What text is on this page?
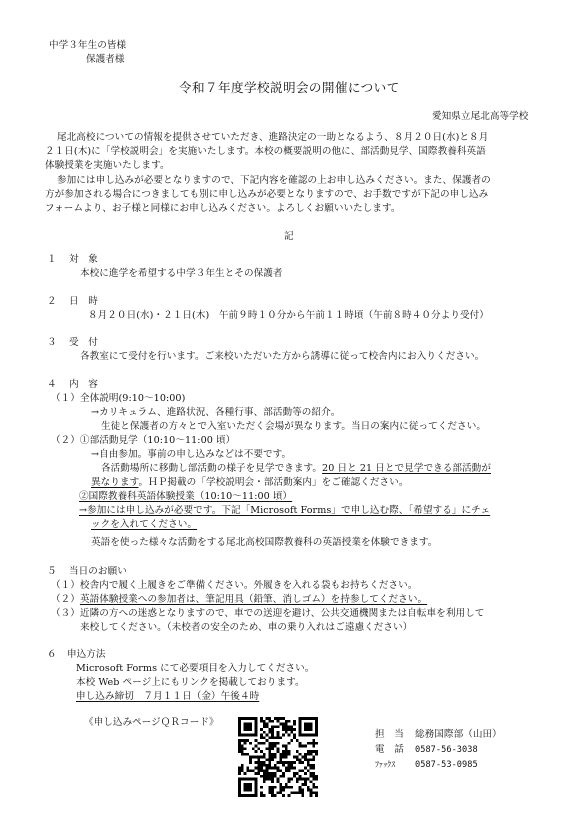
中学３年生の皆様
保護者様
令和７年度学校説明会の開催について
愛知県立尾北高等学校
尾北高校についての情報を提供させていただき、進路決定の一助となるよう、８月２０日(水)と８月
２１日(木)に「学校説明会」を実施いたします。本校の概要説明の他に、部活動見学、国際教養科英語
体験授業を実施いたします。
参加には申し込みが必要となりますので、下記内容を確認の上お申し込みください。また、保護者の
方が参加される場合につきましても別に申し込みが必要となりますので、お手数ですが下記の申し込み
フォームより、お子様と同様にお申し込みください。よろしくお願いいたします。
記
１ 対　象
本校に進学を希望する中学３年生とその保護者
２ 日　時
８月２０日(水)・２１日(木)　午前９時１０分から午前１１時頃（午前８時４０分より受付）
３ 受　付
各教室にて受付を行います。ご来校いただいた方から誘導に従って校舎内にお入りください。
４ 内　容
（１）全体説明(9:10～10:00)
→カリキュラム、進路状況、各種行事、部活動等の紹介。
生徒と保護者の方々とで入室いただく会場が異なります。当日の案内に従ってください。
（２）①部活動見学（10:10～11:00 頃）
→自由参加。事前の申し込みなどは不要です。
各活動場所に移動し部活動の様子を見学できます。20 日と 21 日とで見学できる部活動が
異なります。ＨＰ掲載の「学校説明会・部活動案内」をご確認ください。
②国際教養科英語体験授業（10:10～11:00 頃）
→参加には申し込みが必要です。下記「Microsoft Forms」で申し込む際、「希望する」にチェ
ックを入れてください。
英語を使った様々な活動をする尾北高校国際教養科の英語授業を体験できます。
５ 当日のお願い
（１）校舎内で履く上履きをご準備ください。外履きを入れる袋もお持ちください。
（２）英語体験授業への参加者は、筆記用具（鉛筆、消しゴム）を持参してください。
（３）近隣の方への迷惑となりますので、車での送迎を避け、公共交通機関または自転車を利用して
来校してください。（未校者の安全のため、車の乗り入れはご遠慮ください）
６ 申込方法
Microsoft Forms にて必要項目を入力してください。
本校 Web ページ上にもリンクを掲載しております。
申し込み締切　７月１１日（金）午後４時
《申し込みページＱＲコード》
担　当 総務国際部（山田）
電　話 0587-56-3038
ﾌｧｯｸｽ 0587-53-0985
